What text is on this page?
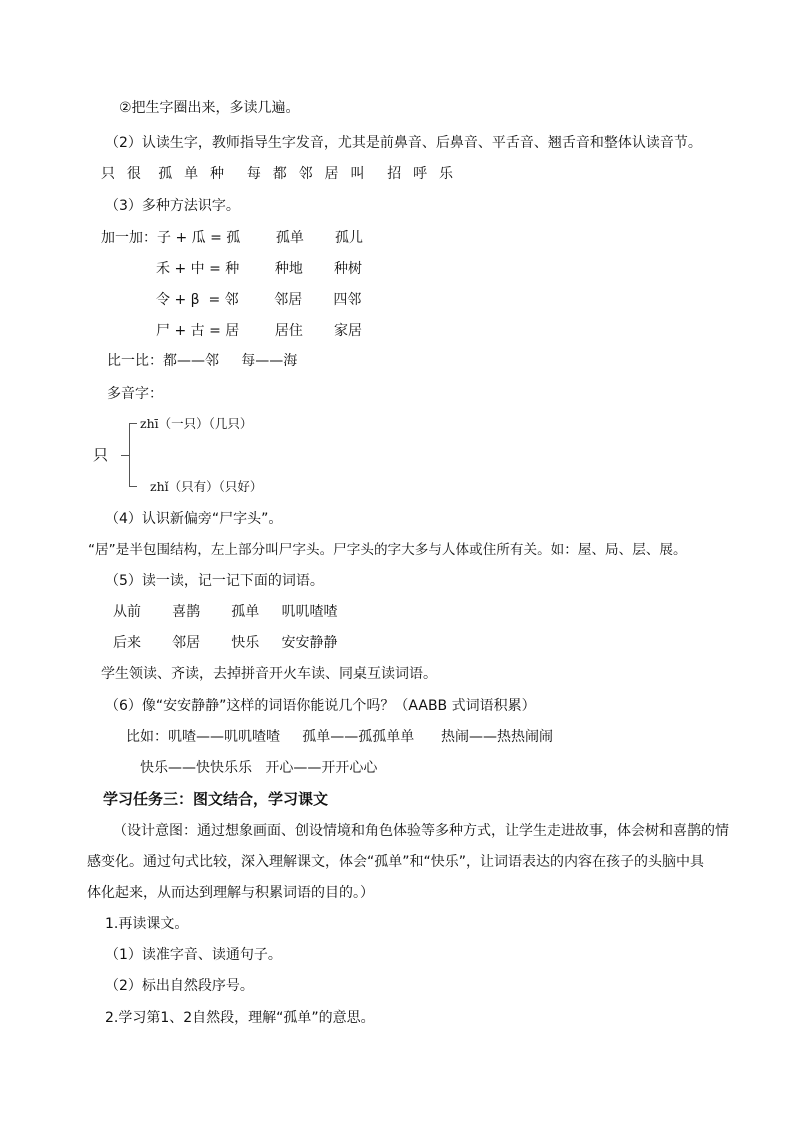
②把生字圈出来，多读几遍。
（2）认读生字，教师指导生字发音，尤其是前鼻音、后鼻音、平舌音、翘舌音和整体认读音节。
只  很   孤  单  种    每  都  邻  居  叫    招  呼  乐
（3）多种方法识字。
加一加：子 + 瓜 = 孤        孤单       孤儿
禾 + 中 = 种        种地       种树
令 + β  = 邻        邻居       四邻
尸 + 古 = 居        居住       家居
比一比：都——邻     每——海
多音字：
只
zhī（一只）（几只）
zhǐ（只有）（只好）
（4）认识新偏旁“尸字头”。
“居”是半包围结构，左上部分叫尸字头。尸字头的字大多与人体或住所有关。如：屋、局、层、展。
（5）读一读，记一记下面的词语。
从前       喜鹊       孤单     叽叽喳喳
后来       邻居       快乐     安安静静
学生领读、齐读，去掉拼音开火车读、同桌互读词语。
（6）像“安安静静”这样的词语你能说几个吗？（AABB 式词语积累）
比如：叽喳——叽叽喳喳     孤单——孤孤单单      热闹——热热闹闹
快乐——快快乐乐   开心——开开心心
学习任务三：图文结合，学习课文
（设计意图：通过想象画面、创设情境和角色体验等多种方式，让学生走进故事，体会树和喜鹊的情
感变化。通过句式比较，深入理解课文，体会“孤单”和“快乐”，让词语表达的内容在孩子的头脑中具
体化起来，从而达到理解与积累词语的目的。）
1.再读课文。
（1）读准字音、读通句子。
（2）标出自然段序号。
2.学习第1、2自然段，理解“孤单”的意思。
